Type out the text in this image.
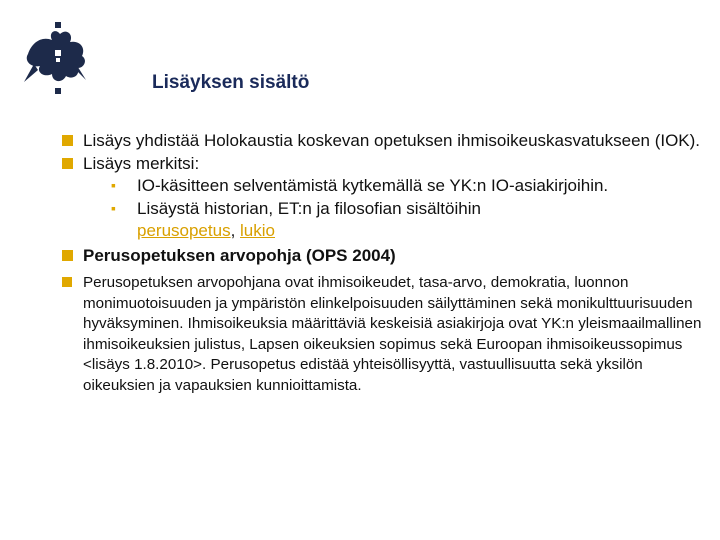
Lisäyksen sisältö
Lisäys yhdistää Holokaustia koskevan opetuksen ihmisoikeuskasvatukseen (IOK).
Lisäys merkitsi:
▪ IO-käsitteen selventämistä kytkemällä se YK:n IO-asiakirjoihin.
▪ Lisäystä historian, ET:n ja filosofian sisältöihin
perusopetus, lukio
Perusopetuksen arvopohja (OPS 2004)
Perusopetuksen arvopohjana ovat ihmisoikeudet, tasa-arvo, demokratia, luonnon monimuotoisuuden ja ympäristön elinkelpoisuuden säilyttäminen sekä monikulttuurisuuden hyväksyminen. Ihmisoikeuksia määrittäviä keskeisiä asiakirjoja ovat YK:n yleismaailmallinen ihmisoikeuksien julistus, Lapsen oikeuksien sopimus sekä Euroopan ihmisoikeussopimus <lisäys 1.8.2010>. Perusopetus edistää yhteisöllisyyttä, vastuullisuutta sekä yksilön oikeuksien ja vapauksien kunnioittamista.
